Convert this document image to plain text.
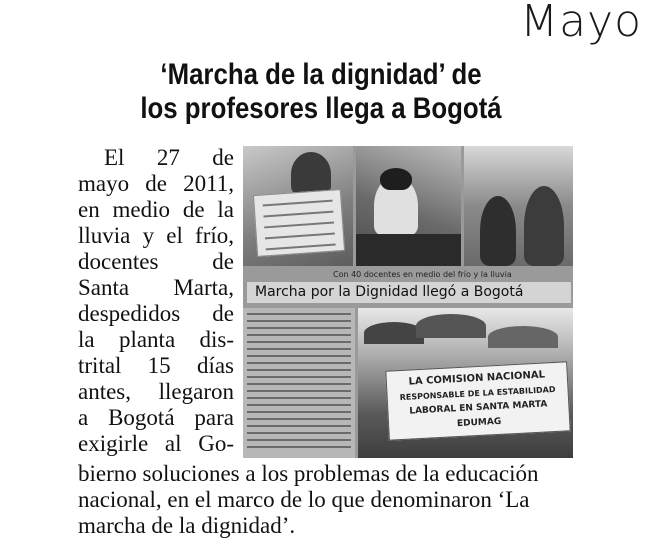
Mayo
‘Marcha de la dignidad’ de
los profesores llega a Bogotá
El 27 de
mayo de 2011,
en medio de la
lluvia y el frío,
docentes de
Santa Marta,
despedidos de
la planta dis-
trital 15 días
antes, llegaron
a Bogotá para
exigirle al Go-
bierno soluciones a los problemas de la educación
nacional, en el marco de lo que denominaron ‘La
marcha de la dignidad’.
Con 40 docentes en medio del frío y la lluvia
Marcha por la Dignidad llegó a Bogotá
LA COMISION NACIONAL
RESPONSABLE DE LA ESTABILIDAD
LABORAL EN SANTA MARTA
EDUMAG
